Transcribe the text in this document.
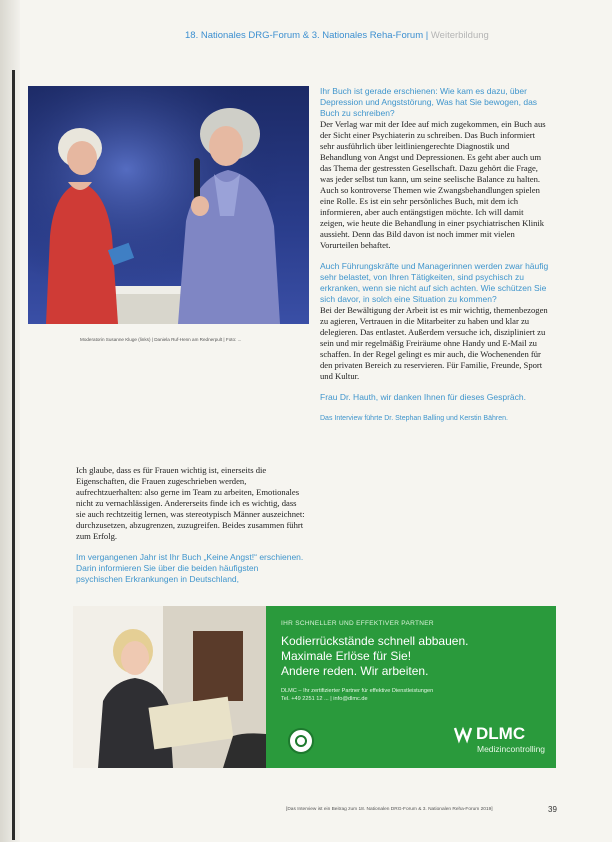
18. Nationales DRG-Forum & 3. Nationales Reha-Forum | Weiterbildung
Moderatorin Susanne Kluge (links) | Daniela Ruf-Henn am Rednerpult | Foto: ...

Ihr Buch ist gerade erschienen: Wie kam es dazu, über Depression und Angststörung, Was hat Sie bewogen, das Buch zu schreiben?

Der Verlag war mit der Idee auf mich zugekommen, ein Buch aus der Sicht einer Psychiaterin zu schreiben. Das Buch informiert sehr ausführlich über leitliniengerechte Diagnostik und Behandlung von Angst und Depressionen. Es geht aber auch um das Thema der gestressten Gesellschaft. Dazu gehört die Frage, was jeder selbst tun kann, um seine seelische Balance zu halten. Auch so kontroverse Themen wie Zwangsbehandlungen spielen eine Rolle. Es ist ein sehr persönliches Buch, mit dem ich informieren, aber auch entängstigen möchte. Ich will damit zeigen, wie heute die Behandlung in einer psychiatrischen Klinik aussieht. Denn das Bild davon ist noch immer mit vielen Vorurteilen behaftet.

Auch Führungskräfte und Managerinnen werden zwar häufig sehr belastet, von Ihren Tätigkeiten, sind psychisch zu erkranken, wenn sie nicht auf sich achten. Wie schützen Sie sich davor, in solch eine Situation zu kommen?

Bei der Bewältigung der Arbeit ist es mir wichtig, themenbezogen zu agieren, Vertrauen in die Mitarbeiter zu haben und klar zu delegieren. Das entlastet. Außerdem versuche ich, diszipliniert zu sein und mir regelmäßig Freiräume ohne Handy und E-Mail zu schaffen. In der Regel gelingt es mir auch, die Wochenenden für den privaten Bereich zu reservieren. Für Familie, Freunde, Sport und Kultur.

Frau Dr. Hauth, wir danken Ihnen für dieses Gespräch.

Das Interview führte Dr. Stephan Balling und Kerstin Bähren.

Ich glaube, dass es für Frauen wichtig ist, einerseits die Eigenschaften, die Frauen zugeschrieben werden, aufrechtzuerhalten: also gerne im Team zu arbeiten, Emotionales nicht zu vernachlässigen. Andererseits finde ich es wichtig, dass sie auch rechtzeitig lernen, was stereotypisch Männer auszeichnet: durchzusetzen, abzugrenzen, zuzugreifen. Beides zusammen führt zum Erfolg.

Im vergangenen Jahr ist Ihr Buch „Keine Angst!“ erschienen. Darin informieren Sie über die beiden häufigsten psychischen Erkrankungen in Deutschland,

IHR SCHNELLER UND EFFEKTIVER PARTNER
Kodierrückstände schnell abbauen.
Maximale Erlöse für Sie!
Andere reden. Wir arbeiten.
DLMC – Ihr zertifizierter Partner für effektive Dienstleistungen
Tel. +49 2251 12 ... | info@dlmc.de
DLMC
Medizincontrolling
[Das Interview ist ein Beitrag zum 18. Nationalen DRG-Forum & 3. Nationalen Reha-Forum 2019]	39
